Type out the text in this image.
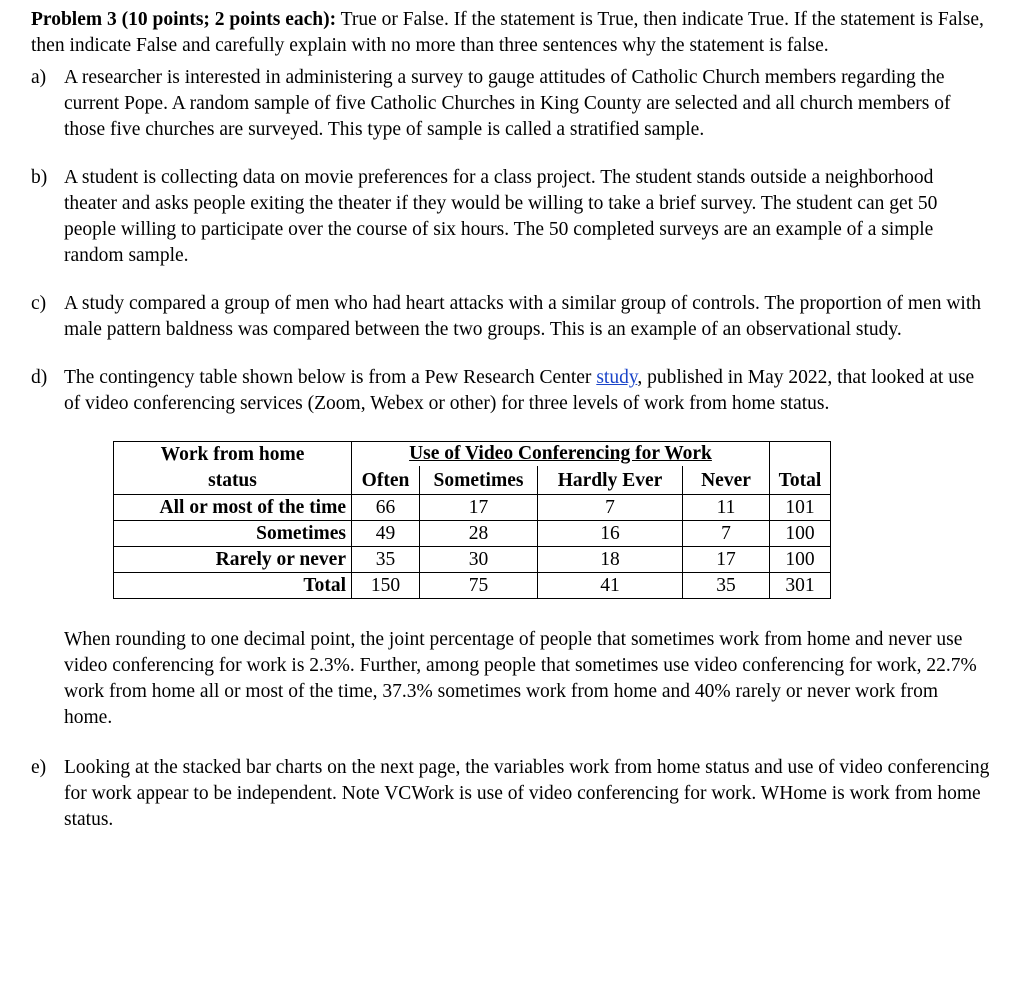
Problem 3 (10 points; 2 points each): True or False. If the statement is True, then indicate True. If the statement is False, then indicate False and carefully explain with no more than three sentences why the statement is false.

a) A researcher is interested in administering a survey to gauge attitudes of Catholic Church members regarding the current Pope. A random sample of five Catholic Churches in King County are selected and all church members of those five churches are surveyed. This type of sample is called a stratified sample.
b) A student is collecting data on movie preferences for a class project. The student stands outside a neighborhood theater and asks people exiting the theater if they would be willing to take a brief survey. The student can get 50 people willing to participate over the course of six hours. The 50 completed surveys are an example of a simple random sample.
c) A study compared a group of men who had heart attacks with a similar group of controls. The proportion of men with male pattern baldness was compared between the two groups. This is an example of an observational study.
d) The contingency table shown below is from a Pew Research Center study, published in May 2022, that looked at use of video conferencing services (Zoom, Webex or other) for three levels of work from home status.
Work from home
status	Use of Video Conferencing for Work				
	Often	Sometimes	Hardly Ever	Never	Total
All or most of the time	66	17	7	11	101
Sometimes	49	28	16	7	100
Rarely or never	35	30	18	17	100
Total	150	75	41	35	301
When rounding to one decimal point, the joint percentage of people that sometimes work from home and never use video conferencing for work is 2.3%. Further, among people that sometimes use video conferencing for work, 22.7% work from home all or most of the time, 37.3% sometimes work from home and 40% rarely or never work from home.
e) Looking at the stacked bar charts on the next page, the variables work from home status and use of video conferencing for work appear to be independent. Note VCWork is use of video conferencing for work. WHome is work from home status.
